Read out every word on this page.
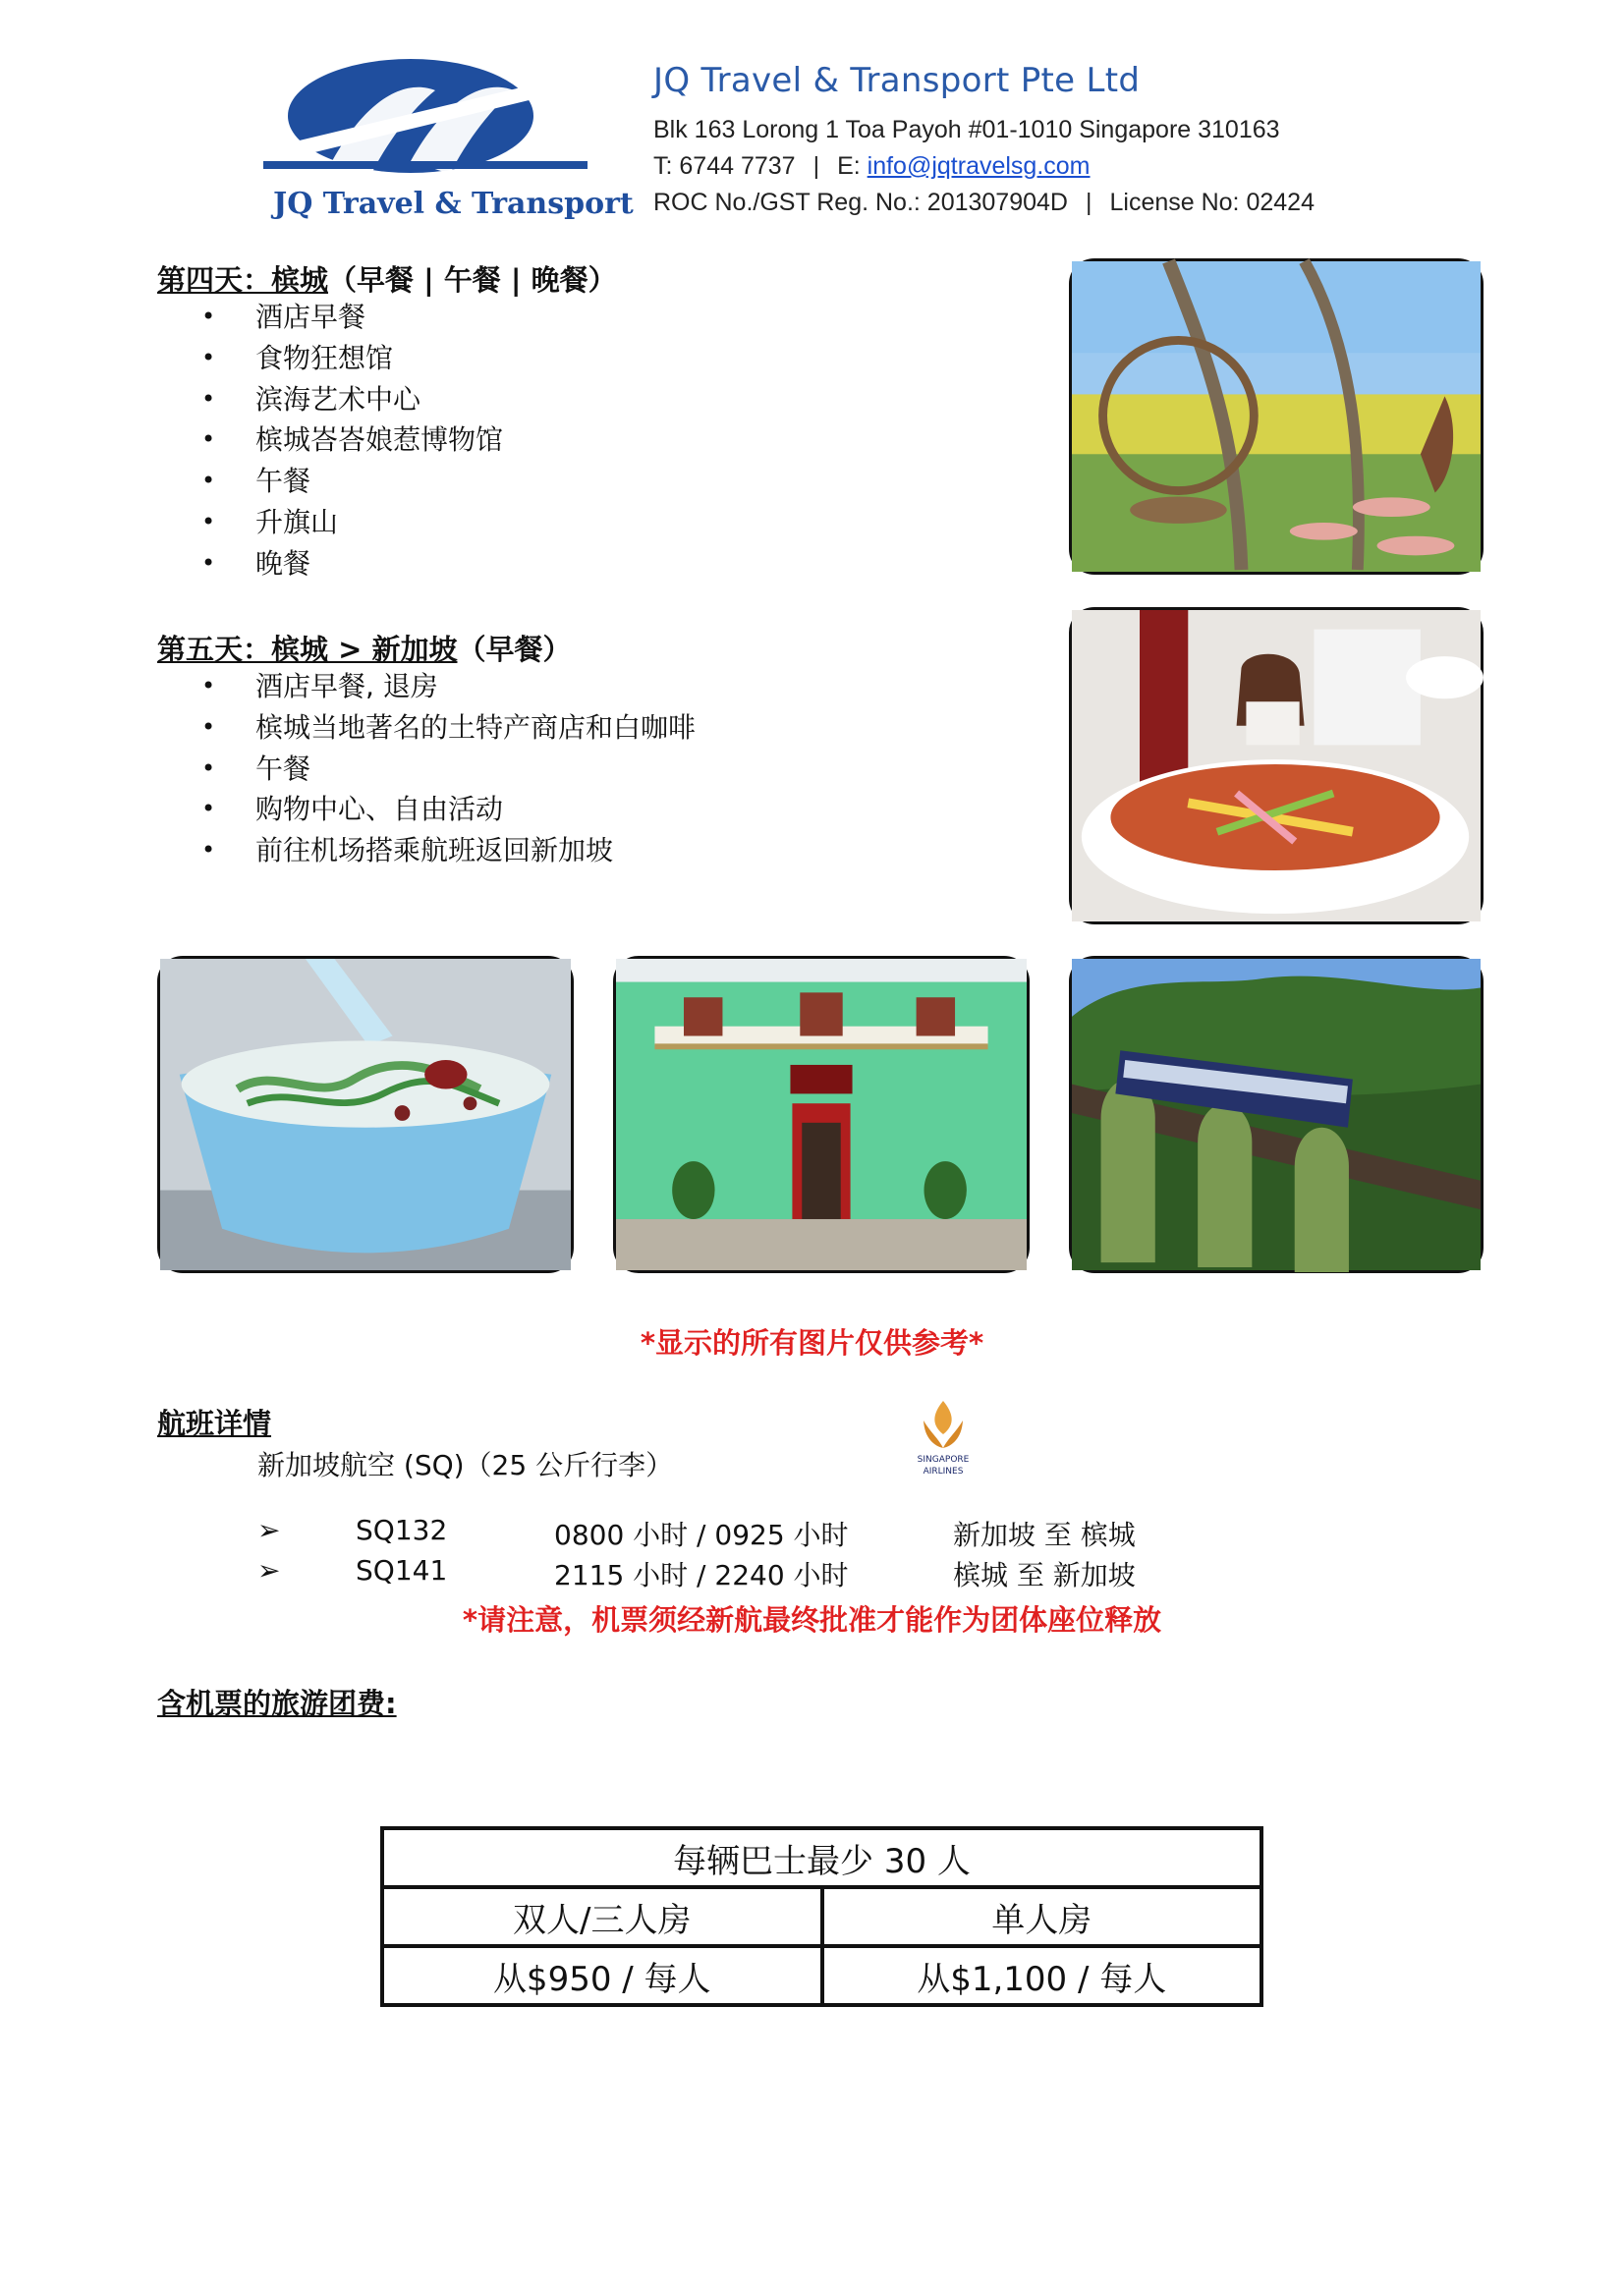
JQ Travel & Transport
JQ Travel & Transport Pte Ltd
Blk 163 Lorong 1 Toa Payoh #01-1010 Singapore 310163
T: 6744 7737 | E: info@jqtravelsg.com
ROC No./GST Reg. No.: 201307904D | License No: 02424
第四天：槟城（早餐 | 午餐 | 晚餐）
• 酒店早餐
• 食物狂想馆
• 滨海艺术中心
• 槟城峇峇娘惹博物馆
• 午餐
• 升旗山
• 晚餐
第五天：槟城 > 新加坡（早餐）
• 酒店早餐, 退房
• 槟城当地著名的土特产商店和白咖啡
• 午餐
• 购物中心、自由活动
• 前往机场搭乘航班返回新加坡
*显示的所有图片仅供参考*
航班详情
新加坡航空 (SQ)（25 公斤行李）	SINGAPORE
AIRLINES
➢	SQ132	0800 小时 / 0925 小时	新加坡 至 槟城
➢	SQ141	2115 小时 / 2240 小时	槟城 至 新加坡
*请注意，机票须经新航最终批准才能作为团体座位释放
含机票的旅游团费:
每辆巴士最少 30 人	
双人/三人房	单人房
从$950 / 每人	从$1,100 / 每人
